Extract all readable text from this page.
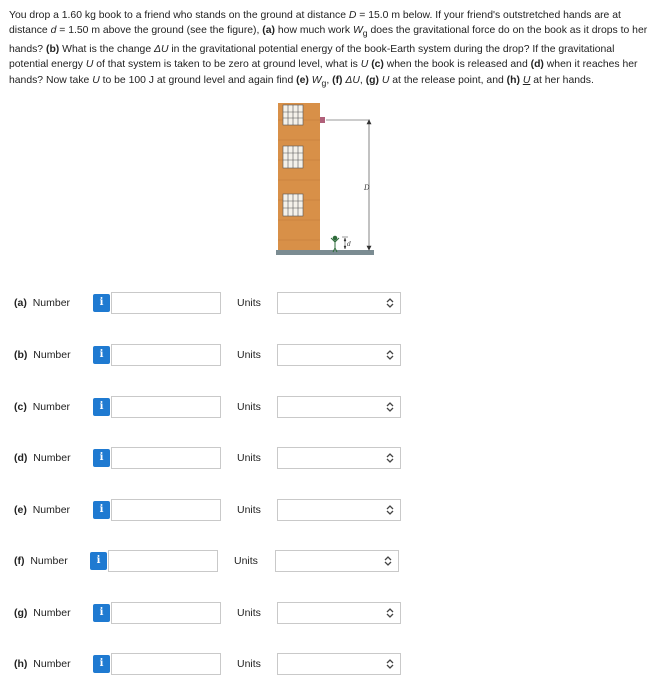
You drop a 1.60 kg book to a friend who stands on the ground at distance D = 15.0 m below. If your friend's outstretched hands are at distance d = 1.50 m above the ground (see the figure), (a) how much work $W_g$ does the gravitational force do on the book as it drops to her hands? (b) What is the change ΔU in the gravitational potential energy of the book-Earth system during the drop? If the gravitational potential energy U of that system is taken to be zero at ground level, what is U (c) when the book is released and (d) when it reaches her hands? Now take U to be 100 J at ground level and again find (e) $W_g$, (f) ΔU, (g) U at the release point, and (h) U at her hands.
D
d
(a) Number	i	Units
(b) Number	i	Units
(c) Number	i	Units
(d) Number	i	Units
(e) Number	i	Units
(f) Number	i	Units
(g) Number	i	Units
(h) Number	i	Units
